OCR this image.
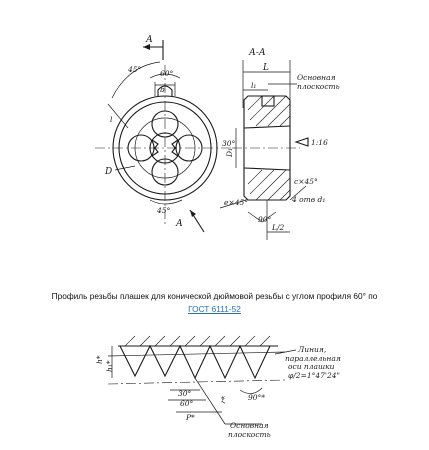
А
b
60°
45°
l
D
45°
А
А-А
L
l₁
Основная
плоскость
D₁
30°	1:16
c×45°
4 отв d₁
e×45°
90°
L/2
Профиль резьбы плашек для конической дюймовой резьбы с углом профиля 60° по
ГОСТ 6111-52
h*
h₁*
30°
60°
P*
r*	90°*
Линия,
параллельная
оси плашки
φ/2=1°47'24"
Основная
плоскость
